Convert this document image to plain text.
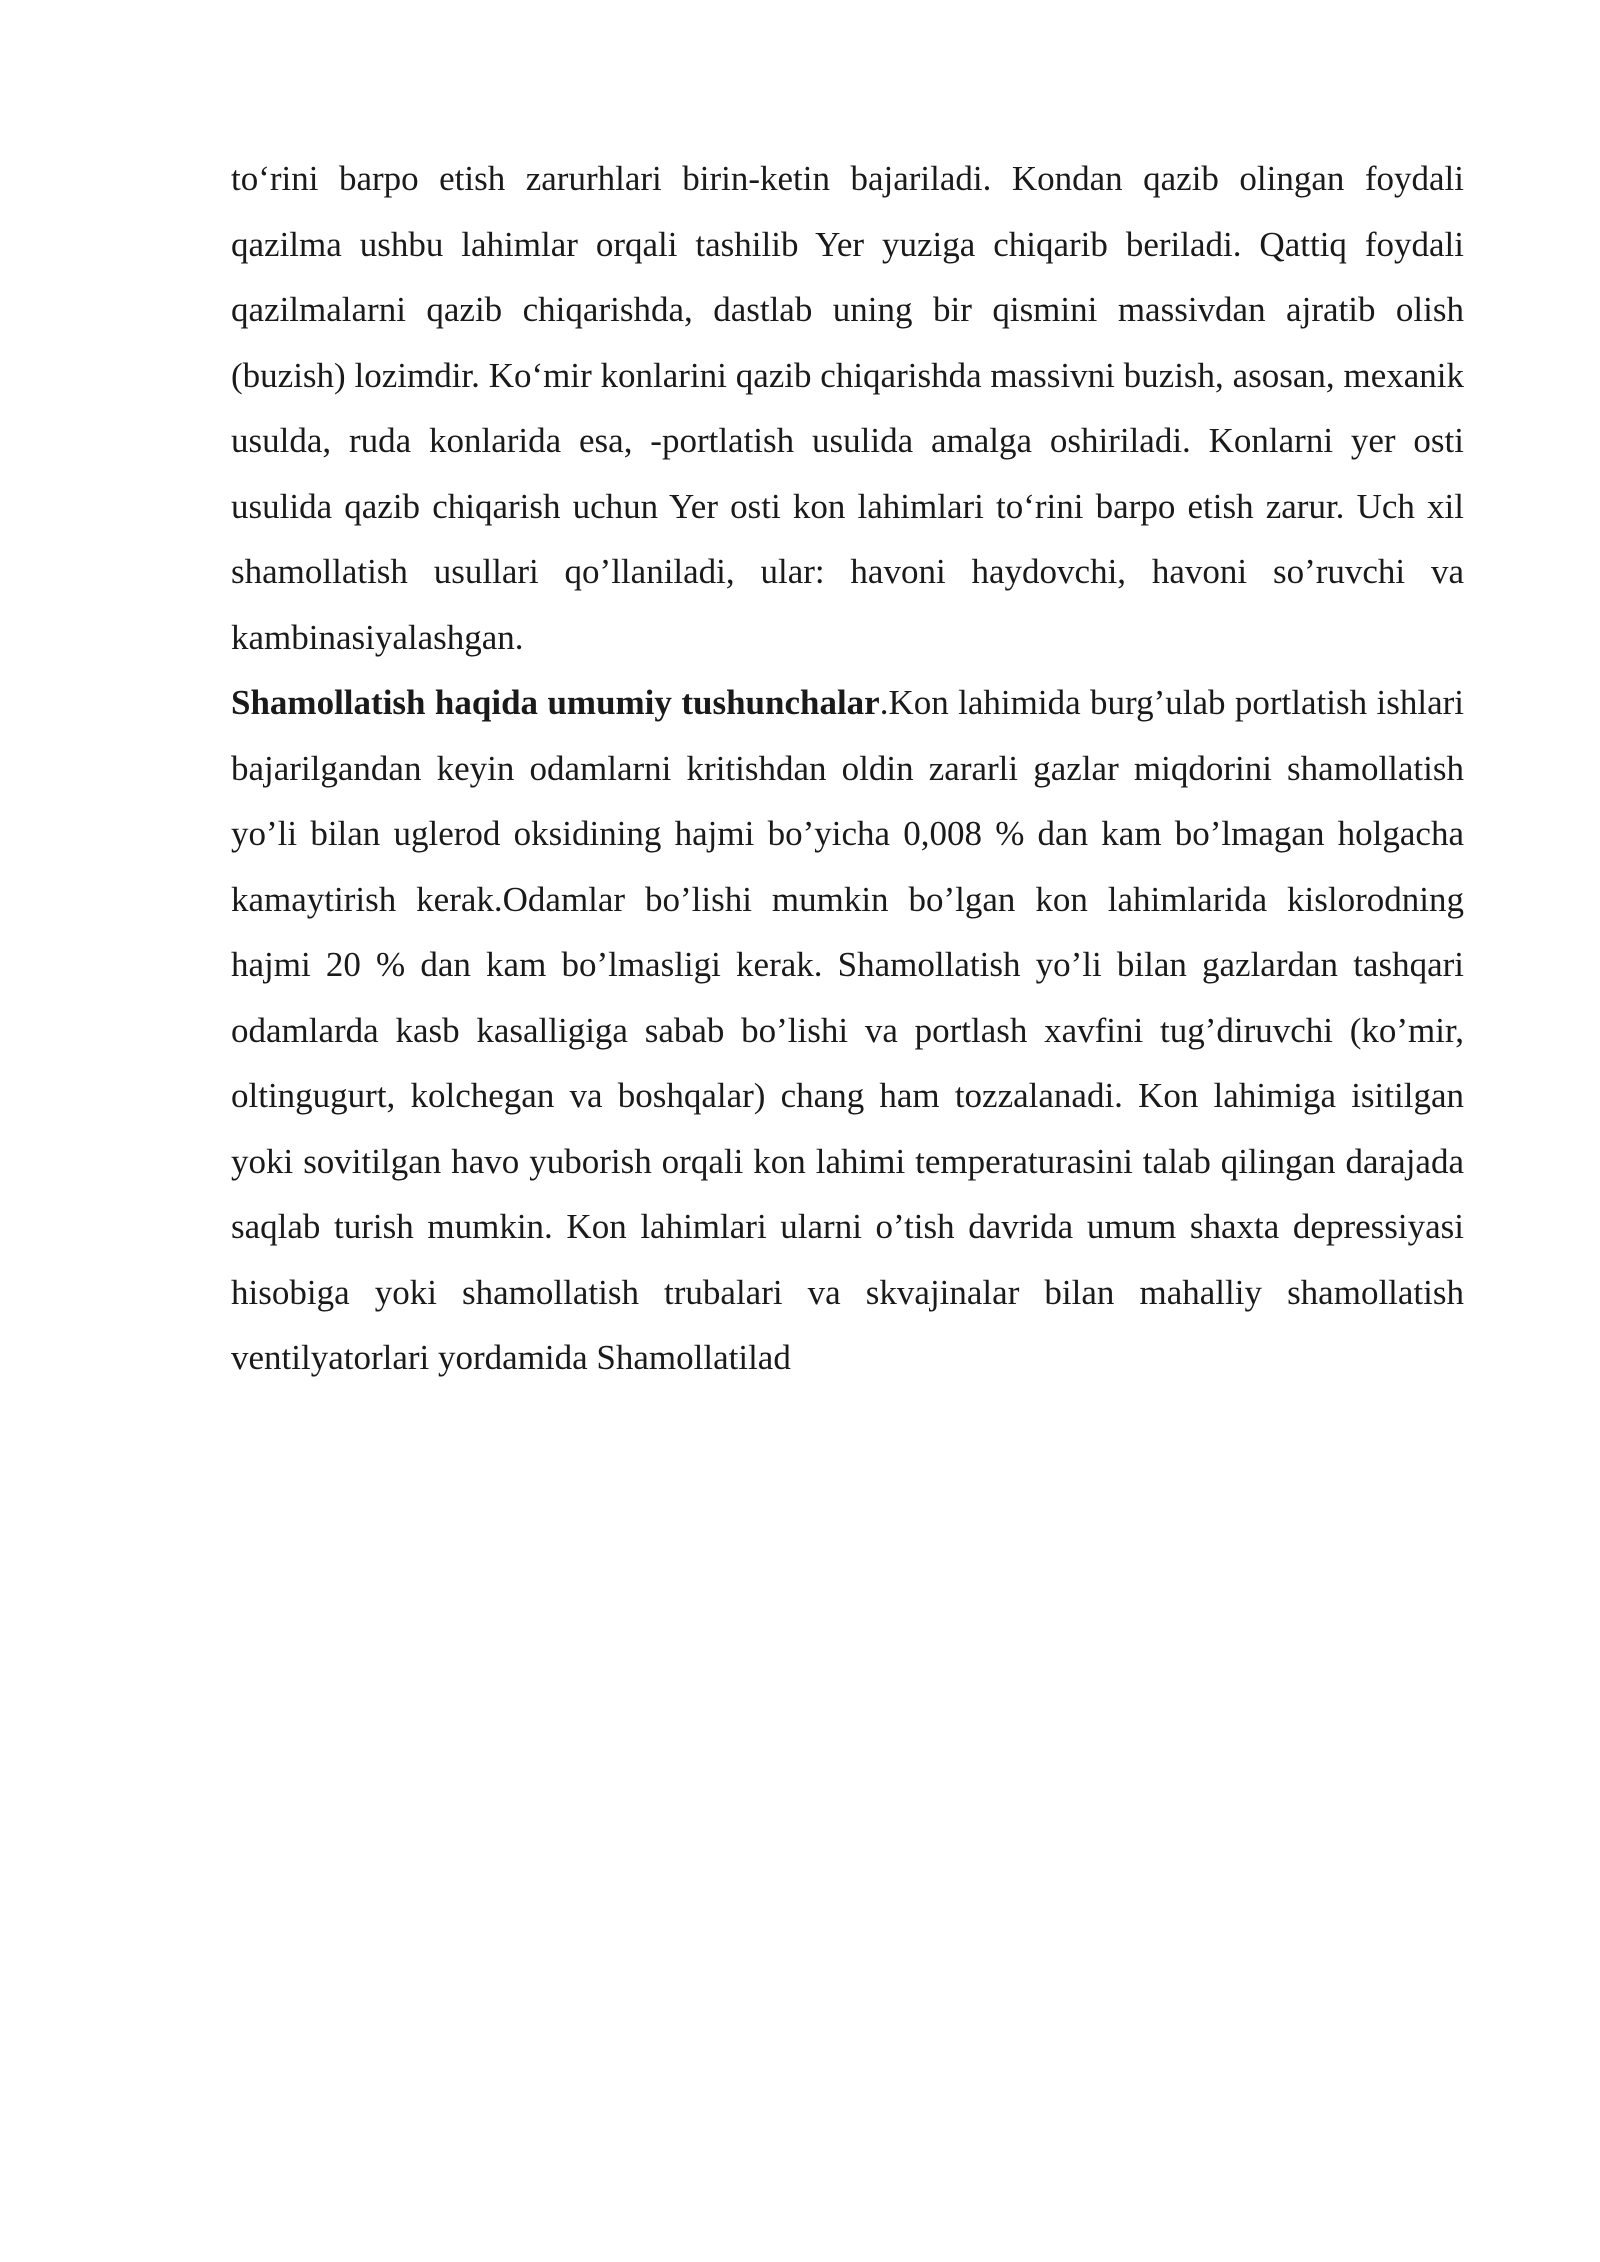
to‘rini barpo etish zarurhlari birin-ketin bajariladi. Kondan qazib olingan foydali qazilma ushbu lahimlar orqali tashilib Yer yuziga chiqarib beriladi. Qattiq foydali qazilmalarni qazib chiqarishda, dastlab uning bir qismini massivdan ajratib olish (buzish) lozimdir. Ko‘mir konlarini qazib chiqarishda massivni buzish, asosan, mexanik usulda, ruda konlarida esa, -portlatish usulida amalga oshiriladi. Konlarni yer osti usulida qazib chiqarish uchun Yer osti kon lahimlari to‘rini barpo etish zarur. Uch xil shamollatish usullari qo’llaniladi, ular: havoni haydovchi, havoni so’ruvchi va kambinasiyalashgan.

Shamollatish haqida umumiy tushunchalar.Kon lahimida burg’ulab portlatish ishlari bajarilgandan keyin odamlarni kritishdan oldin zararli gazlar miqdorini shamollatish yo’li bilan uglerod oksidining hajmi bo’yicha 0,008 % dan kam bo’lmagan holgacha kamaytirish kerak.Odamlar bo’lishi mumkin bo’lgan kon lahimlarida kislorodning hajmi 20 % dan kam bo’lmasligi kerak. Shamollatish yo’li bilan gazlardan tashqari odamlarda kasb kasalligiga sabab bo’lishi va portlash xavfini tug’diruvchi (ko’mir, oltingugurt, kolchegan va boshqalar) chang ham tozzalanadi. Kon lahimiga isitilgan yoki sovitilgan havo yuborish orqali kon lahimi temperaturasini talab qilingan darajada saqlab turish mumkin. Kon lahimlari ularni o’tish davrida umum shaxta depressiyasi hisobiga yoki shamollatish trubalari va skvajinalar bilan mahalliy shamollatish ventilyatorlari yordamida Shamollatilad
